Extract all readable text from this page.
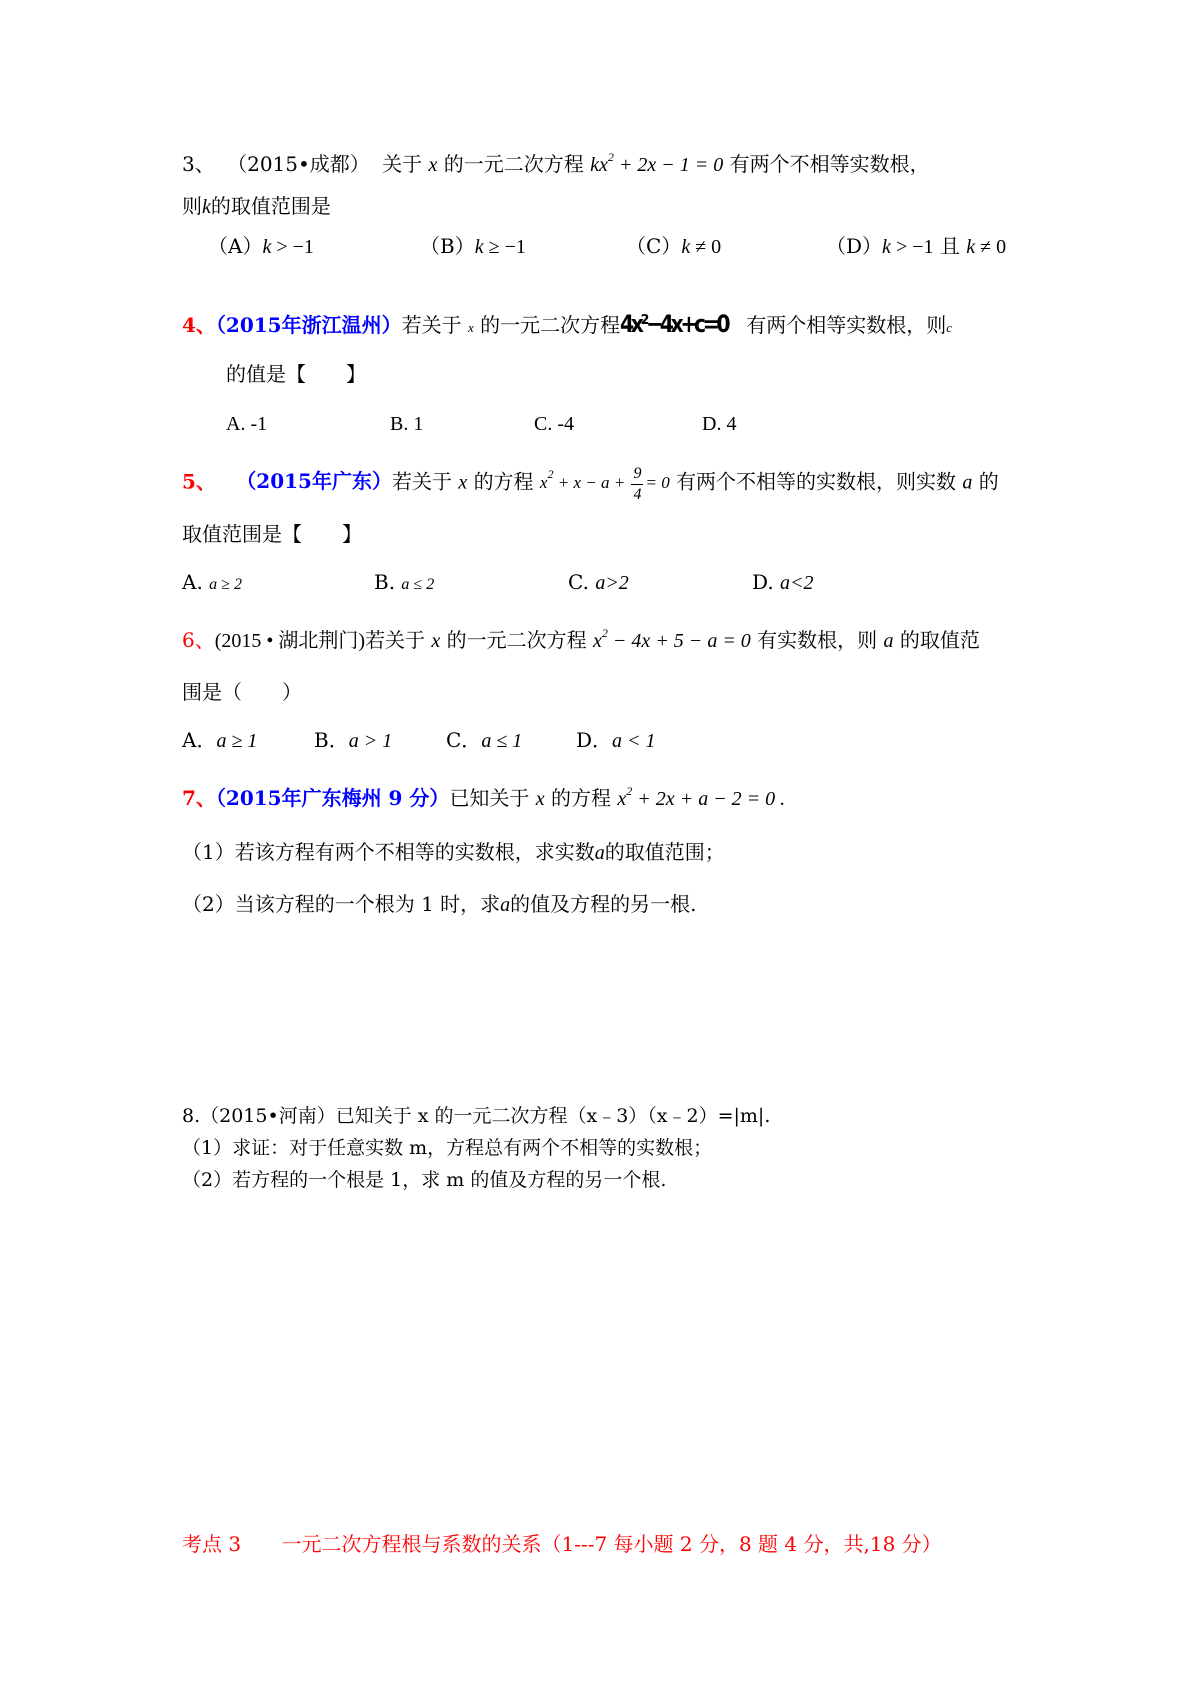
3、 （2015•成都） 关于 x 的一元二次方程 $kx^2 + 2x - 1 = 0$ 有两个不相等实数根，
则k的取值范围是
（A）k > −1	（B）k ≥ −1	（C）k ≠ 0	（D）k > −1 且 k ≠ 0
4、（2015年浙江温州）若关于 x 的一元二次方程4x²−4x+c=0 有两个相等实数根，则c
的值是【　　】
A. -1	B. 1	C. -4	D. 4
5、 （2015年广东）若关于 x 的方程 $x^2 + x - a + \frac{9}{4} = 0$ 有两个不相等的实数根，则实数 a 的
取值范围是【　　】
A. a ≥ 2	B. a ≤ 2	C. a>2	D. a<2
6、(2015 • 湖北荆门)若关于 x 的一元二次方程 $x^2 - 4x + 5 - a = 0$ 有实数根，则 a 的取值范
围是（　　）
A．a ≥ 1	B．a > 1	C．a ≤ 1	D．a < 1
7、（2015年广东梅州 9 分）已知关于 x 的方程 $x^2 + 2x + a - 2 = 0$ .
（1）若该方程有两个不相等的实数根，求实数a的取值范围；
（2）当该方程的一个根为 1 时，求a的值及方程的另一根.
8.（2015•河南）已知关于 x 的一元二次方程（x﹣3）（x﹣2）=|m|.
（1）求证：对于任意实数 m，方程总有两个不相等的实数根；
（2）若方程的一个根是 1，求 m 的值及方程的另一个根.
考点 3 一元二次方程根与系数的关系（1---7 每小题 2 分，8 题 4 分，共,18 分）
